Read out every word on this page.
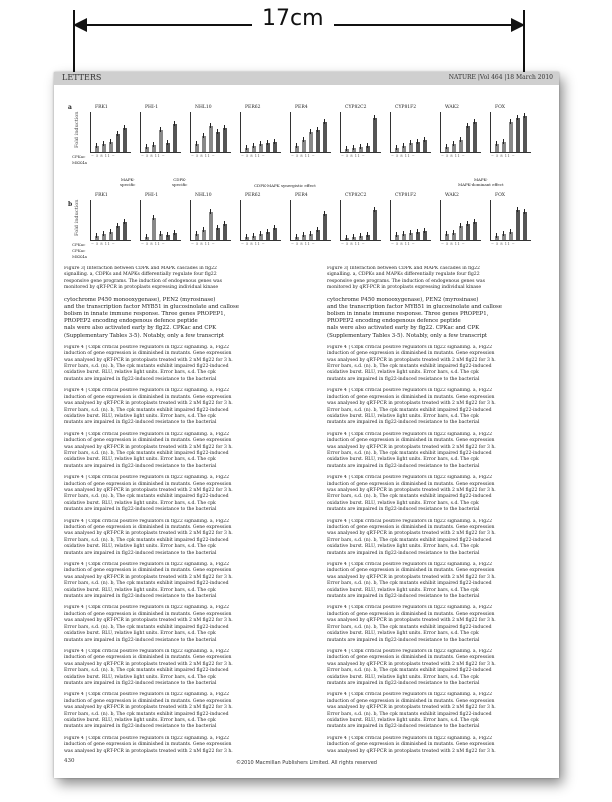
17cm
LETTERS	NATURE |Vol 464 |18 March 2010
a
b
Fold induction
Fold induction
CPKac
MKK4a
CPKac
CPKac
MKK4a
MAPK-
specific
CDPK-
specific	CDPK-MAPK synergistic effect
MAPK-
MAPK-dominant effect
FRK1
− 5 8 11 −
PHI-1
− 5 8 11 −
NHL10
− 5 8 11 −
PER62
− 5 8 11 −
PER4
− 5 8 11 −
CYP82C2
− 5 8 11 −
CYP81F2
− 5 8 11 −
WAK2
− 5 8 11 −
FOX
− 5 8 11 −
FRK1
− 5 8 11 −
PHI-1
− 5 8 11 −
NHL10
− 5 8 11 −
PER62
− 5 8 11 −
PER4
− 5 8 11 −
CYP82C2
− 5 8 11 −
CYP81F2
− 5 8 11 −
WAK2
− 5 8 11 −
FOX
− 5 8 11 −

Figure 3| Interaction between CDPK and MAPK cascades in flg22
signalling. a, CDPKs and MAPKs differentially regulate four flg22
responsive gene programs. The induction of endogenous genes was
monitored by qRT-PCR in protoplasts expressing individual kinase

cytochrome P450 monooxygenase), PEN2 (myrosinase)
and the transcription factor MYB51 in glucosinolate and callose
bolism in innate immune response. Three genes PROPEP1,
PROPEP2 encoding endogenous defence peptide
nals were also activated early by flg22. CPKac and CPK
(Supplementary Tables 3-5). Notably, only a few transcript

Figure 4 | Cdpk critical positive regulators in flg22 signalling. a, Flg22
induction of gene expression is diminished in mutants. Gene expression
was analysed by qRT-PCR in protoplasts treated with 2 nM flg22 for 3 h.
Error bars, s.d. (n). b, The cpk mutants exhibit impaired flg22-induced
oxidative burst. RLU, relative light units. Error bars, s.d. The cpk
mutants are impaired in flg22-induced resistance to the bacterial

Figure 4 | Cdpk critical positive regulators in flg22 signalling. a, Flg22
induction of gene expression is diminished in mutants. Gene expression
was analysed by qRT-PCR in protoplasts treated with 2 nM flg22 for 3 h.
Error bars, s.d. (n). b, The cpk mutants exhibit impaired flg22-induced
oxidative burst. RLU, relative light units. Error bars, s.d. The cpk
mutants are impaired in flg22-induced resistance to the bacterial

Figure 4 | Cdpk critical positive regulators in flg22 signalling. a, Flg22
induction of gene expression is diminished in mutants. Gene expression
was analysed by qRT-PCR in protoplasts treated with 2 nM flg22 for 3 h.
Error bars, s.d. (n). b, The cpk mutants exhibit impaired flg22-induced
oxidative burst. RLU, relative light units. Error bars, s.d. The cpk
mutants are impaired in flg22-induced resistance to the bacterial

Figure 4 | Cdpk critical positive regulators in flg22 signalling. a, Flg22
induction of gene expression is diminished in mutants. Gene expression
was analysed by qRT-PCR in protoplasts treated with 2 nM flg22 for 3 h.
Error bars, s.d. (n). b, The cpk mutants exhibit impaired flg22-induced
oxidative burst. RLU, relative light units. Error bars, s.d. The cpk
mutants are impaired in flg22-induced resistance to the bacterial

Figure 4 | Cdpk critical positive regulators in flg22 signalling. a, Flg22
induction of gene expression is diminished in mutants. Gene expression
was analysed by qRT-PCR in protoplasts treated with 2 nM flg22 for 3 h.
Error bars, s.d. (n). b, The cpk mutants exhibit impaired flg22-induced
oxidative burst. RLU, relative light units. Error bars, s.d. The cpk
mutants are impaired in flg22-induced resistance to the bacterial

Figure 4 | Cdpk critical positive regulators in flg22 signalling. a, Flg22
induction of gene expression is diminished in mutants. Gene expression
was analysed by qRT-PCR in protoplasts treated with 2 nM flg22 for 3 h.
Error bars, s.d. (n). b, The cpk mutants exhibit impaired flg22-induced
oxidative burst. RLU, relative light units. Error bars, s.d. The cpk
mutants are impaired in flg22-induced resistance to the bacterial

Figure 4 | Cdpk critical positive regulators in flg22 signalling. a, Flg22
induction of gene expression is diminished in mutants. Gene expression
was analysed by qRT-PCR in protoplasts treated with 2 nM flg22 for 3 h.
Error bars, s.d. (n). b, The cpk mutants exhibit impaired flg22-induced
oxidative burst. RLU, relative light units. Error bars, s.d. The cpk
mutants are impaired in flg22-induced resistance to the bacterial

Figure 4 | Cdpk critical positive regulators in flg22 signalling. a, Flg22
induction of gene expression is diminished in mutants. Gene expression
was analysed by qRT-PCR in protoplasts treated with 2 nM flg22 for 3 h.
Error bars, s.d. (n). b, The cpk mutants exhibit impaired flg22-induced
oxidative burst. RLU, relative light units. Error bars, s.d. The cpk
mutants are impaired in flg22-induced resistance to the bacterial

Figure 4 | Cdpk critical positive regulators in flg22 signalling. a, Flg22
induction of gene expression is diminished in mutants. Gene expression
was analysed by qRT-PCR in protoplasts treated with 2 nM flg22 for 3 h.
Error bars, s.d. (n). b, The cpk mutants exhibit impaired flg22-induced
oxidative burst. RLU, relative light units. Error bars, s.d. The cpk
mutants are impaired in flg22-induced resistance to the bacterial

Figure 4 | Cdpk critical positive regulators in flg22 signalling. a, Flg22
induction of gene expression is diminished in mutants. Gene expression
was analysed by qRT-PCR in protoplasts treated with 2 nM flg22 for 3 h.

Figure 3| Interaction between CDPK and MAPK cascades in flg22
signalling. a, CDPKs and MAPKs differentially regulate four flg22
responsive gene programs. The induction of endogenous genes was
monitored by qRT-PCR in protoplasts expressing individual kinase

cytochrome P450 monooxygenase), PEN2 (myrosinase)
and the transcription factor MYB51 in glucosinolate and callose
bolism in innate immune response. Three genes PROPEP1,
PROPEP2 encoding endogenous defence peptide
nals were also activated early by flg22. CPKac and CPK
(Supplementary Tables 3-5). Notably, only a few transcript

Figure 4 | Cdpk critical positive regulators in flg22 signalling. a, Flg22
induction of gene expression is diminished in mutants. Gene expression
was analysed by qRT-PCR in protoplasts treated with 2 nM flg22 for 3 h.
Error bars, s.d. (n). b, The cpk mutants exhibit impaired flg22-induced
oxidative burst. RLU, relative light units. Error bars, s.d. The cpk
mutants are impaired in flg22-induced resistance to the bacterial

Figure 4 | Cdpk critical positive regulators in flg22 signalling. a, Flg22
induction of gene expression is diminished in mutants. Gene expression
was analysed by qRT-PCR in protoplasts treated with 2 nM flg22 for 3 h.
Error bars, s.d. (n). b, The cpk mutants exhibit impaired flg22-induced
oxidative burst. RLU, relative light units. Error bars, s.d. The cpk
mutants are impaired in flg22-induced resistance to the bacterial

Figure 4 | Cdpk critical positive regulators in flg22 signalling. a, Flg22
induction of gene expression is diminished in mutants. Gene expression
was analysed by qRT-PCR in protoplasts treated with 2 nM flg22 for 3 h.
Error bars, s.d. (n). b, The cpk mutants exhibit impaired flg22-induced
oxidative burst. RLU, relative light units. Error bars, s.d. The cpk
mutants are impaired in flg22-induced resistance to the bacterial

Figure 4 | Cdpk critical positive regulators in flg22 signalling. a, Flg22
induction of gene expression is diminished in mutants. Gene expression
was analysed by qRT-PCR in protoplasts treated with 2 nM flg22 for 3 h.
Error bars, s.d. (n). b, The cpk mutants exhibit impaired flg22-induced
oxidative burst. RLU, relative light units. Error bars, s.d. The cpk
mutants are impaired in flg22-induced resistance to the bacterial

Figure 4 | Cdpk critical positive regulators in flg22 signalling. a, Flg22
induction of gene expression is diminished in mutants. Gene expression
was analysed by qRT-PCR in protoplasts treated with 2 nM flg22 for 3 h.
Error bars, s.d. (n). b, The cpk mutants exhibit impaired flg22-induced
oxidative burst. RLU, relative light units. Error bars, s.d. The cpk
mutants are impaired in flg22-induced resistance to the bacterial

Figure 4 | Cdpk critical positive regulators in flg22 signalling. a, Flg22
induction of gene expression is diminished in mutants. Gene expression
was analysed by qRT-PCR in protoplasts treated with 2 nM flg22 for 3 h.
Error bars, s.d. (n). b, The cpk mutants exhibit impaired flg22-induced
oxidative burst. RLU, relative light units. Error bars, s.d. The cpk
mutants are impaired in flg22-induced resistance to the bacterial

Figure 4 | Cdpk critical positive regulators in flg22 signalling. a, Flg22
induction of gene expression is diminished in mutants. Gene expression
was analysed by qRT-PCR in protoplasts treated with 2 nM flg22 for 3 h.
Error bars, s.d. (n). b, The cpk mutants exhibit impaired flg22-induced
oxidative burst. RLU, relative light units. Error bars, s.d. The cpk
mutants are impaired in flg22-induced resistance to the bacterial

Figure 4 | Cdpk critical positive regulators in flg22 signalling. a, Flg22
induction of gene expression is diminished in mutants. Gene expression
was analysed by qRT-PCR in protoplasts treated with 2 nM flg22 for 3 h.
Error bars, s.d. (n). b, The cpk mutants exhibit impaired flg22-induced
oxidative burst. RLU, relative light units. Error bars, s.d. The cpk
mutants are impaired in flg22-induced resistance to the bacterial

Figure 4 | Cdpk critical positive regulators in flg22 signalling. a, Flg22
induction of gene expression is diminished in mutants. Gene expression
was analysed by qRT-PCR in protoplasts treated with 2 nM flg22 for 3 h.
Error bars, s.d. (n). b, The cpk mutants exhibit impaired flg22-induced
oxidative burst. RLU, relative light units. Error bars, s.d. The cpk
mutants are impaired in flg22-induced resistance to the bacterial

Figure 4 | Cdpk critical positive regulators in flg22 signalling. a, Flg22
induction of gene expression is diminished in mutants. Gene expression
was analysed by qRT-PCR in protoplasts treated with 2 nM flg22 for 3 h.

430	©2010 Macmillan Publishers Limited. All rights reserved
